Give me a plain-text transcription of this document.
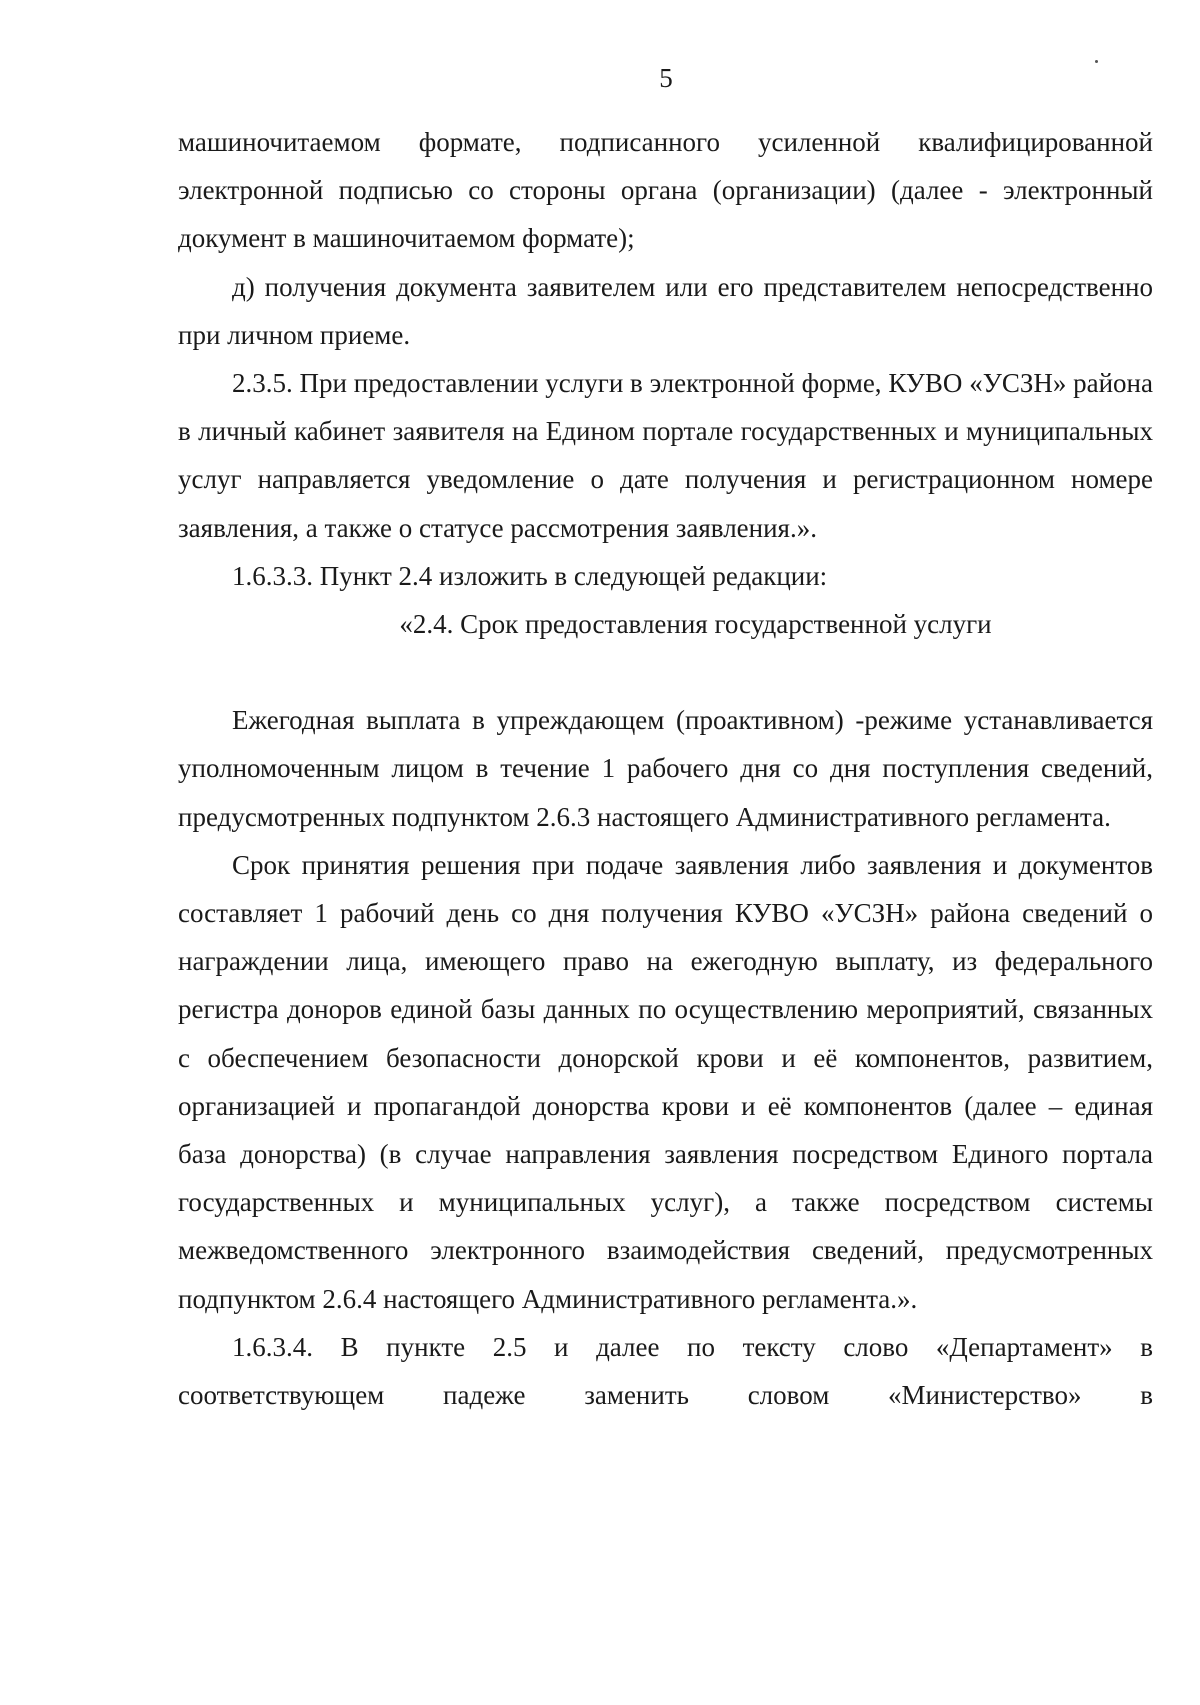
5

машиночитаемом формате, подписанного усиленной квалифицированной электронной подписью со стороны органа (организации) (далее - электронный документ в машиночитаемом формате);

д) получения документа заявителем или его представителем непосредственно при личном приеме.

2.3.5. При предоставлении услуги в электронной форме, КУВО «УСЗН» района в личный кабинет заявителя на Едином портале государственных и муниципальных услуг направляется уведомление о дате получения и регистрационном номере заявления, а также о статусе рассмотрения заявления.».

1.6.3.3. Пункт 2.4 изложить в следующей редакции:

«2.4. Срок предоставления государственной услуги

Ежегодная выплата в упреждающем (проактивном) -режиме устанавливается уполномоченным лицом в течение 1 рабочего дня со дня поступления сведений, предусмотренных подпунктом 2.6.3 настоящего Административного регламента.

Срок принятия решения при подаче заявления либо заявления и документов составляет 1 рабочий день со дня получения КУВО «УСЗН» района сведений о награждении лица, имеющего право на ежегодную выплату, из федерального регистра доноров единой базы данных по осуществлению мероприятий, связанных с обеспечением безопасности донорской крови и её компонентов, развитием, организацией и пропагандой донорства крови и её компонентов (далее – единая база донорства) (в случае направления заявления посредством Единого портала государственных и муниципальных услуг), а также посредством системы межведомственного электронного взаимодействия сведений, предусмотренных подпунктом 2.6.4 настоящего Административного регламента.».

1.6.3.4. В пункте 2.5 и далее по тексту слово «Департамент» в соответствующем падеже заменить словом «Министерство» в
